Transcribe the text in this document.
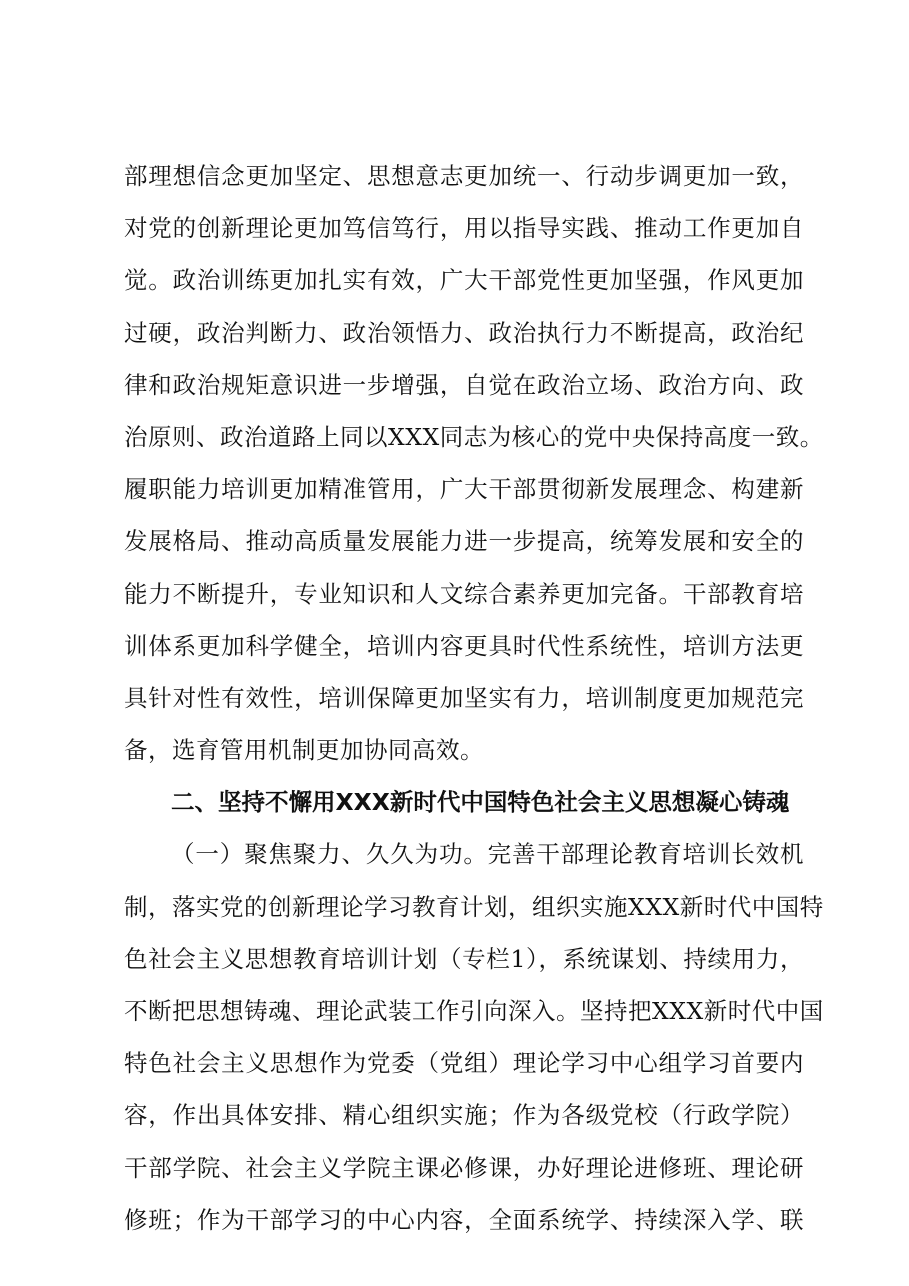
部理想信念更加坚定、思想意志更加统一、行动步调更加一致，
对党的创新理论更加笃信笃行，用以指导实践、推动工作更加自
觉。政治训练更加扎实有效，广大干部党性更加坚强，作风更加
过硬，政治判断力、政治领悟力、政治执行力不断提高，政治纪
律和政治规矩意识进一步增强，自觉在政治立场、政治方向、政
治原则、政治道路上同以XXX同志为核心的党中央保持高度一致。
履职能力培训更加精准管用，广大干部贯彻新发展理念、构建新
发展格局、推动高质量发展能力进一步提高，统筹发展和安全的
能力不断提升，专业知识和人文综合素养更加完备。干部教育培
训体系更加科学健全，培训内容更具时代性系统性，培训方法更
具针对性有效性，培训保障更加坚实有力，培训制度更加规范完
备，选育管用机制更加协同高效。
二、坚持不懈用XXX新时代中国特色社会主义思想凝心铸魂
（一）聚焦聚力、久久为功。完善干部理论教育培训长效机
制，落实党的创新理论学习教育计划，组织实施XXX新时代中国特
色社会主义思想教育培训计划（专栏1），系统谋划、持续用力，
不断把思想铸魂、理论武装工作引向深入。坚持把XXX新时代中国
特色社会主义思想作为党委（党组）理论学习中心组学习首要内
容，作出具体安排、精心组织实施；作为各级党校（行政学院）
干部学院、社会主义学院主课必修课，办好理论进修班、理论研
修班；作为干部学习的中心内容，全面系统学、持续深入学、联
